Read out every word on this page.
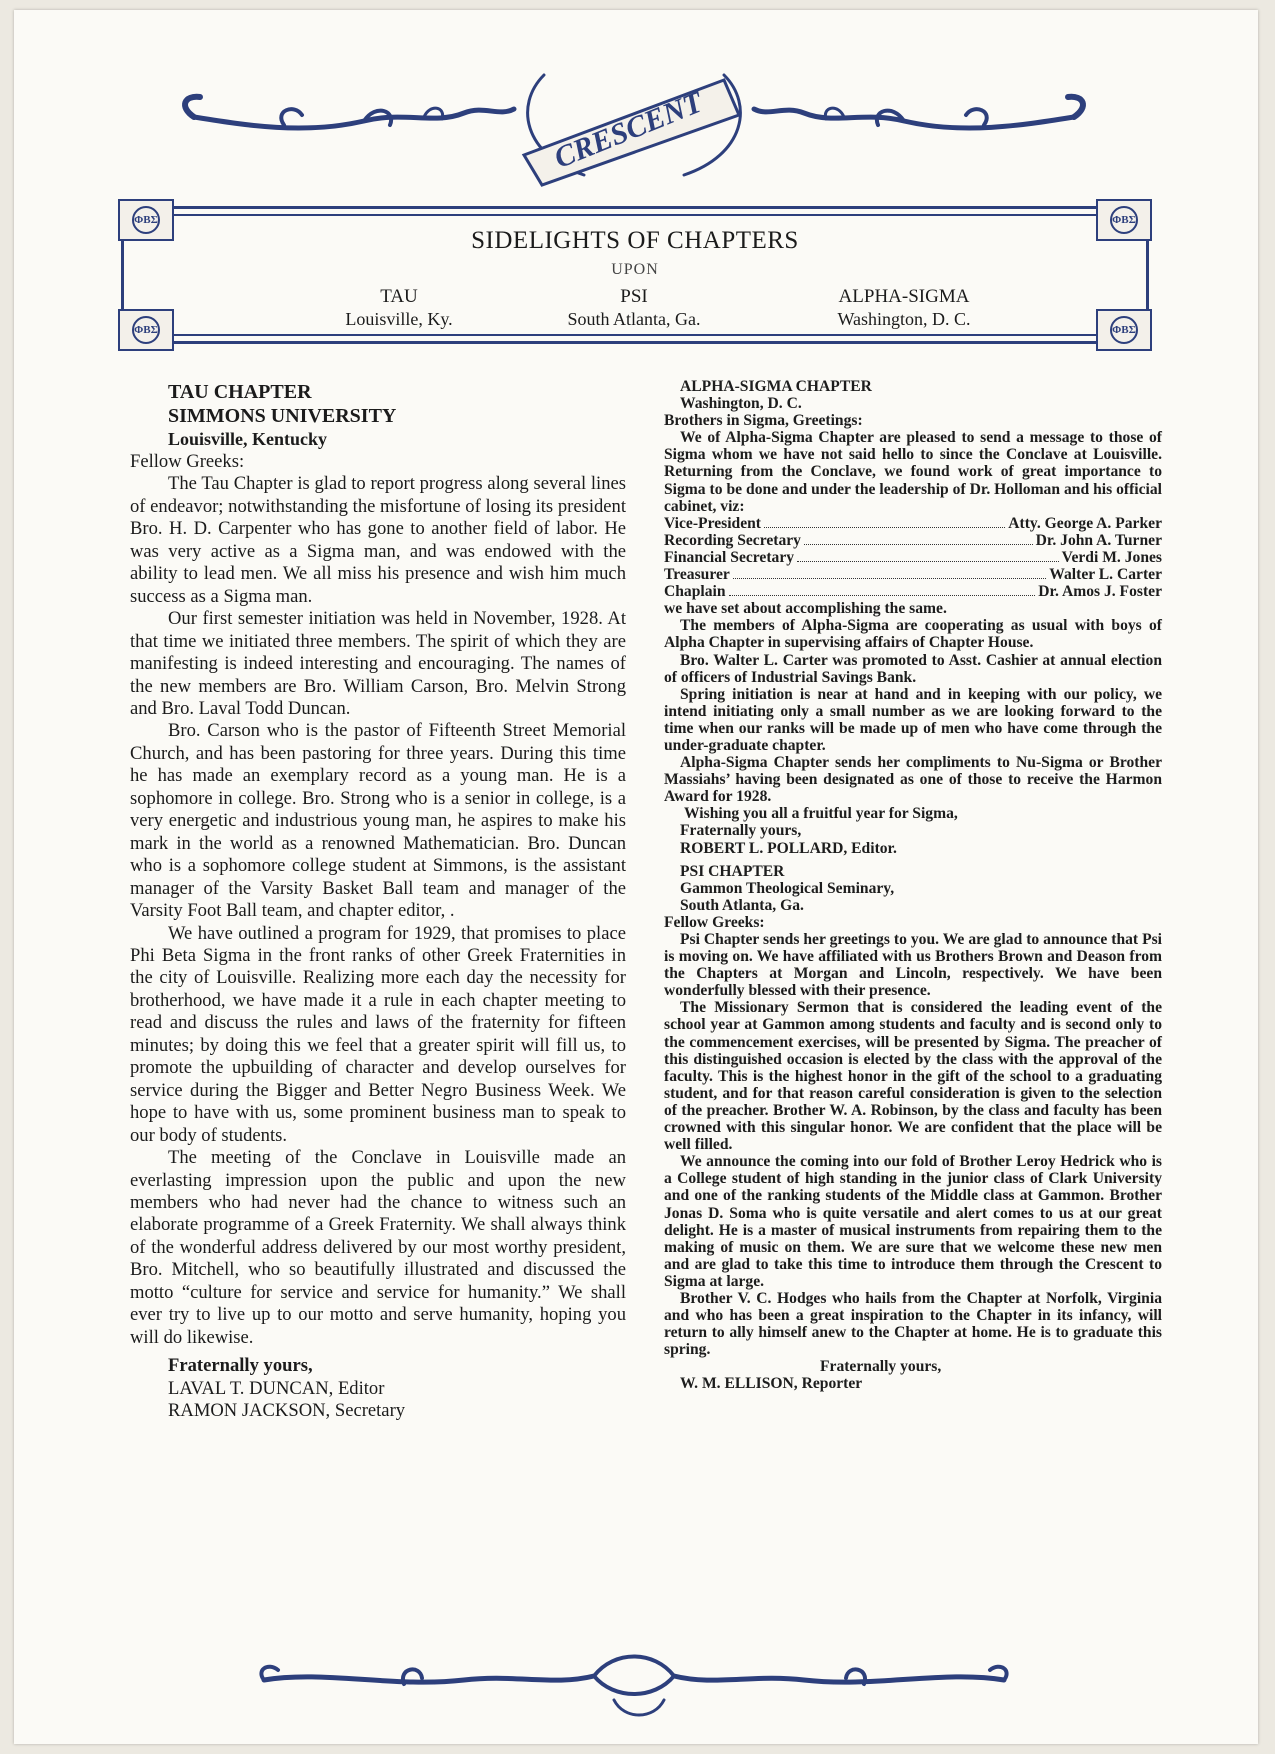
CRESCENT
ΦΒΣ	ΦΒΣ
ΦΒΣ	ΦΒΣ
SIDELIGHTS OF CHAPTERS
UPON
TAU
Louisville, Ky.
PSI
South Atlanta, Ga.
ALPHA-SIGMA
Washington, D. C.

TAU CHAPTER

SIMMONS UNIVERSITY

Louisville, Kentucky

Fellow Greeks:

The Tau Chapter is glad to report progress along several lines of endeavor; notwithstanding the misfortune of losing its president Bro. H. D. Carpenter who has gone to another field of labor. He was very active as a Sigma man, and was endowed with the ability to lead men. We all miss his presence and wish him much success as a Sigma man.

Our first semester initiation was held in November, 1928. At that time we initiated three members. The spirit of which they are manifesting is indeed interesting and encouraging. The names of the new members are Bro. William Carson, Bro. Melvin Strong and Bro. Laval Todd Duncan.

Bro. Carson who is the pastor of Fifteenth Street Memorial Church, and has been pastoring for three years. During this time he has made an exemplary record as a young man. He is a sophomore in college. Bro. Strong who is a senior in college, is a very energetic and industrious young man, he aspires to make his mark in the world as a renowned Mathematician. Bro. Duncan who is a sophomore college student at Simmons, is the assistant manager of the Varsity Basket Ball team and manager of the Varsity Foot Ball team, and chapter editor, .

We have outlined a program for 1929, that promises to place Phi Beta Sigma in the front ranks of other Greek Fraternities in the city of Louisville. Realizing more each day the necessity for brotherhood, we have made it a rule in each chapter meeting to read and discuss the rules and laws of the fraternity for fifteen minutes; by doing this we feel that a greater spirit will fill us, to promote the upbuilding of character and develop ourselves for service during the Bigger and Better Negro Business Week. We hope to have with us, some prominent business man to speak to our body of students.

The meeting of the Conclave in Louisville made an everlasting impression upon the public and upon the new members who had never had the chance to witness such an elaborate programme of a Greek Fraternity. We shall always think of the wonderful address delivered by our most worthy president, Bro. Mitchell, who so beautifully illustrated and discussed the motto “culture for service and service for humanity.” We shall ever try to live up to our motto and serve humanity, hoping you will do likewise.

Fraternally yours,

LAVAL T. DUNCAN, Editor

RAMON JACKSON, Secretary

ALPHA-SIGMA CHAPTER

Washington, D. C.

Brothers in Sigma, Greetings:

We of Alpha-Sigma Chapter are pleased to send a message to those of Sigma whom we have not said hello to since the Conclave at Louisville. Returning from the Conclave, we found work of great importance to Sigma to be done and under the leadership of Dr. Holloman and his official cabinet, viz:

Vice-President	Atty. George A. Parker
Recording Secretary	Dr. John A. Turner
Financial Secretary	Verdi M. Jones
Treasurer	Walter L. Carter
Chaplain	Dr. Amos J. Foster

we have set about accomplishing the same.

The members of Alpha-Sigma are cooperating as usual with boys of Alpha Chapter in supervising affairs of Chapter House.

Bro. Walter L. Carter was promoted to Asst. Cashier at annual election of officers of Industrial Savings Bank.

Spring initiation is near at hand and in keeping with our policy, we intend initiating only a small number as we are looking forward to the time when our ranks will be made up of men who have come through the under-graduate chapter.

Alpha-Sigma Chapter sends her compliments to Nu-Sigma or Brother Massiahs’ having been designated as one of those to receive the Harmon Award for 1928.

Wishing you all a fruitful year for Sigma,

Fraternally yours,

ROBERT L. POLLARD, Editor.

PSI CHAPTER

Gammon Theological Seminary,

South Atlanta, Ga.

Fellow Greeks:

Psi Chapter sends her greetings to you. We are glad to announce that Psi is moving on. We have affiliated with us Brothers Brown and Deason from the Chapters at Morgan and Lincoln, respectively. We have been wonderfully blessed with their presence.

The Missionary Sermon that is considered the leading event of the school year at Gammon among students and faculty and is second only to the commencement exercises, will be presented by Sigma. The preacher of this distinguished occasion is elected by the class with the approval of the faculty. This is the highest honor in the gift of the school to a graduating student, and for that reason careful consideration is given to the selection of the preacher. Brother W. A. Robinson, by the class and faculty has been crowned with this singular honor. We are confident that the place will be well filled.

We announce the coming into our fold of Brother Leroy Hedrick who is a College student of high standing in the junior class of Clark University and one of the ranking students of the Middle class at Gammon. Brother Jonas D. Soma who is quite versatile and alert comes to us at our great delight. He is a master of musical instruments from repairing them to the making of music on them. We are sure that we welcome these new men and are glad to take this time to introduce them through the Crescent to Sigma at large.

Brother V. C. Hodges who hails from the Chapter at Norfolk, Virginia and who has been a great inspiration to the Chapter in its infancy, will return to ally himself anew to the Chapter at home. He is to graduate this spring.

Fraternally yours,

W. M. ELLISON, Reporter
